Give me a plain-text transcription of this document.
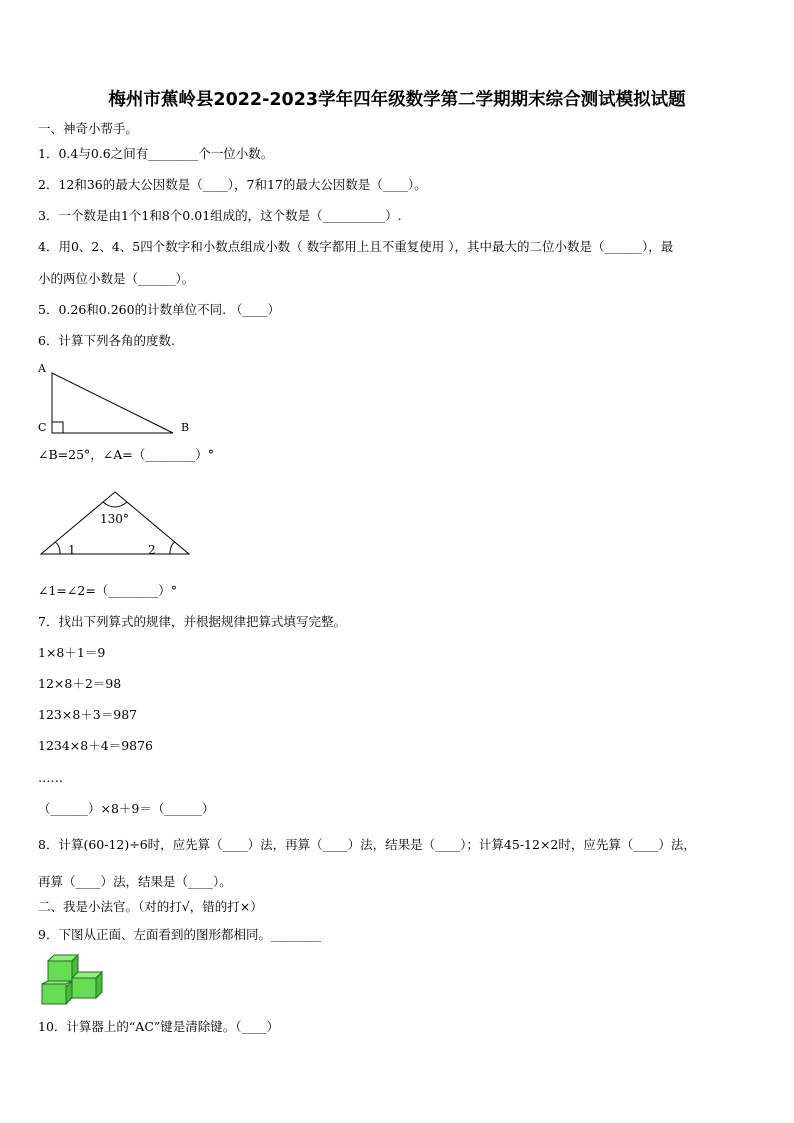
梅州市蕉岭县2022-2023学年四年级数学第二学期期末综合测试模拟试题
一、神奇小帮手。
1．0.4与0.6之间有________个一位小数。
2．12和36的最大公因数是（____），7和17的最大公因数是（____）。
3．一个数是由1个1和8个0.01组成的，这个数是（__________）.
4．用0、2、4、5四个数字和小数点组成小数（ 数字都用上且不重复使用 ），其中最大的二位小数是（______），最
小的两位小数是（______）。
5．0.26和0.260的计数单位不同. （____）
6．计算下列各角的度数.
A
C	B
∠B=25°，∠A=（________）°
130°
1	2
∠1=∠2=（________）°
7．找出下列算式的规律，并根据规律把算式填写完整。
1×8＋1＝9
12×8＋2＝98
123×8＋3＝987
1234×8＋4＝9876
……
（______）×8＋9＝（______）
8．计算(60-12)÷6时，应先算（____）法，再算（____）法，结果是（____）；计算45-12×2时，应先算（____）法，
再算（____）法，结果是（____）。
二、我是小法官。（对的打√，错的打×）
9．下图从正面、左面看到的图形都相同。________
10．计算器上的“AC”键是清除键。（____）
